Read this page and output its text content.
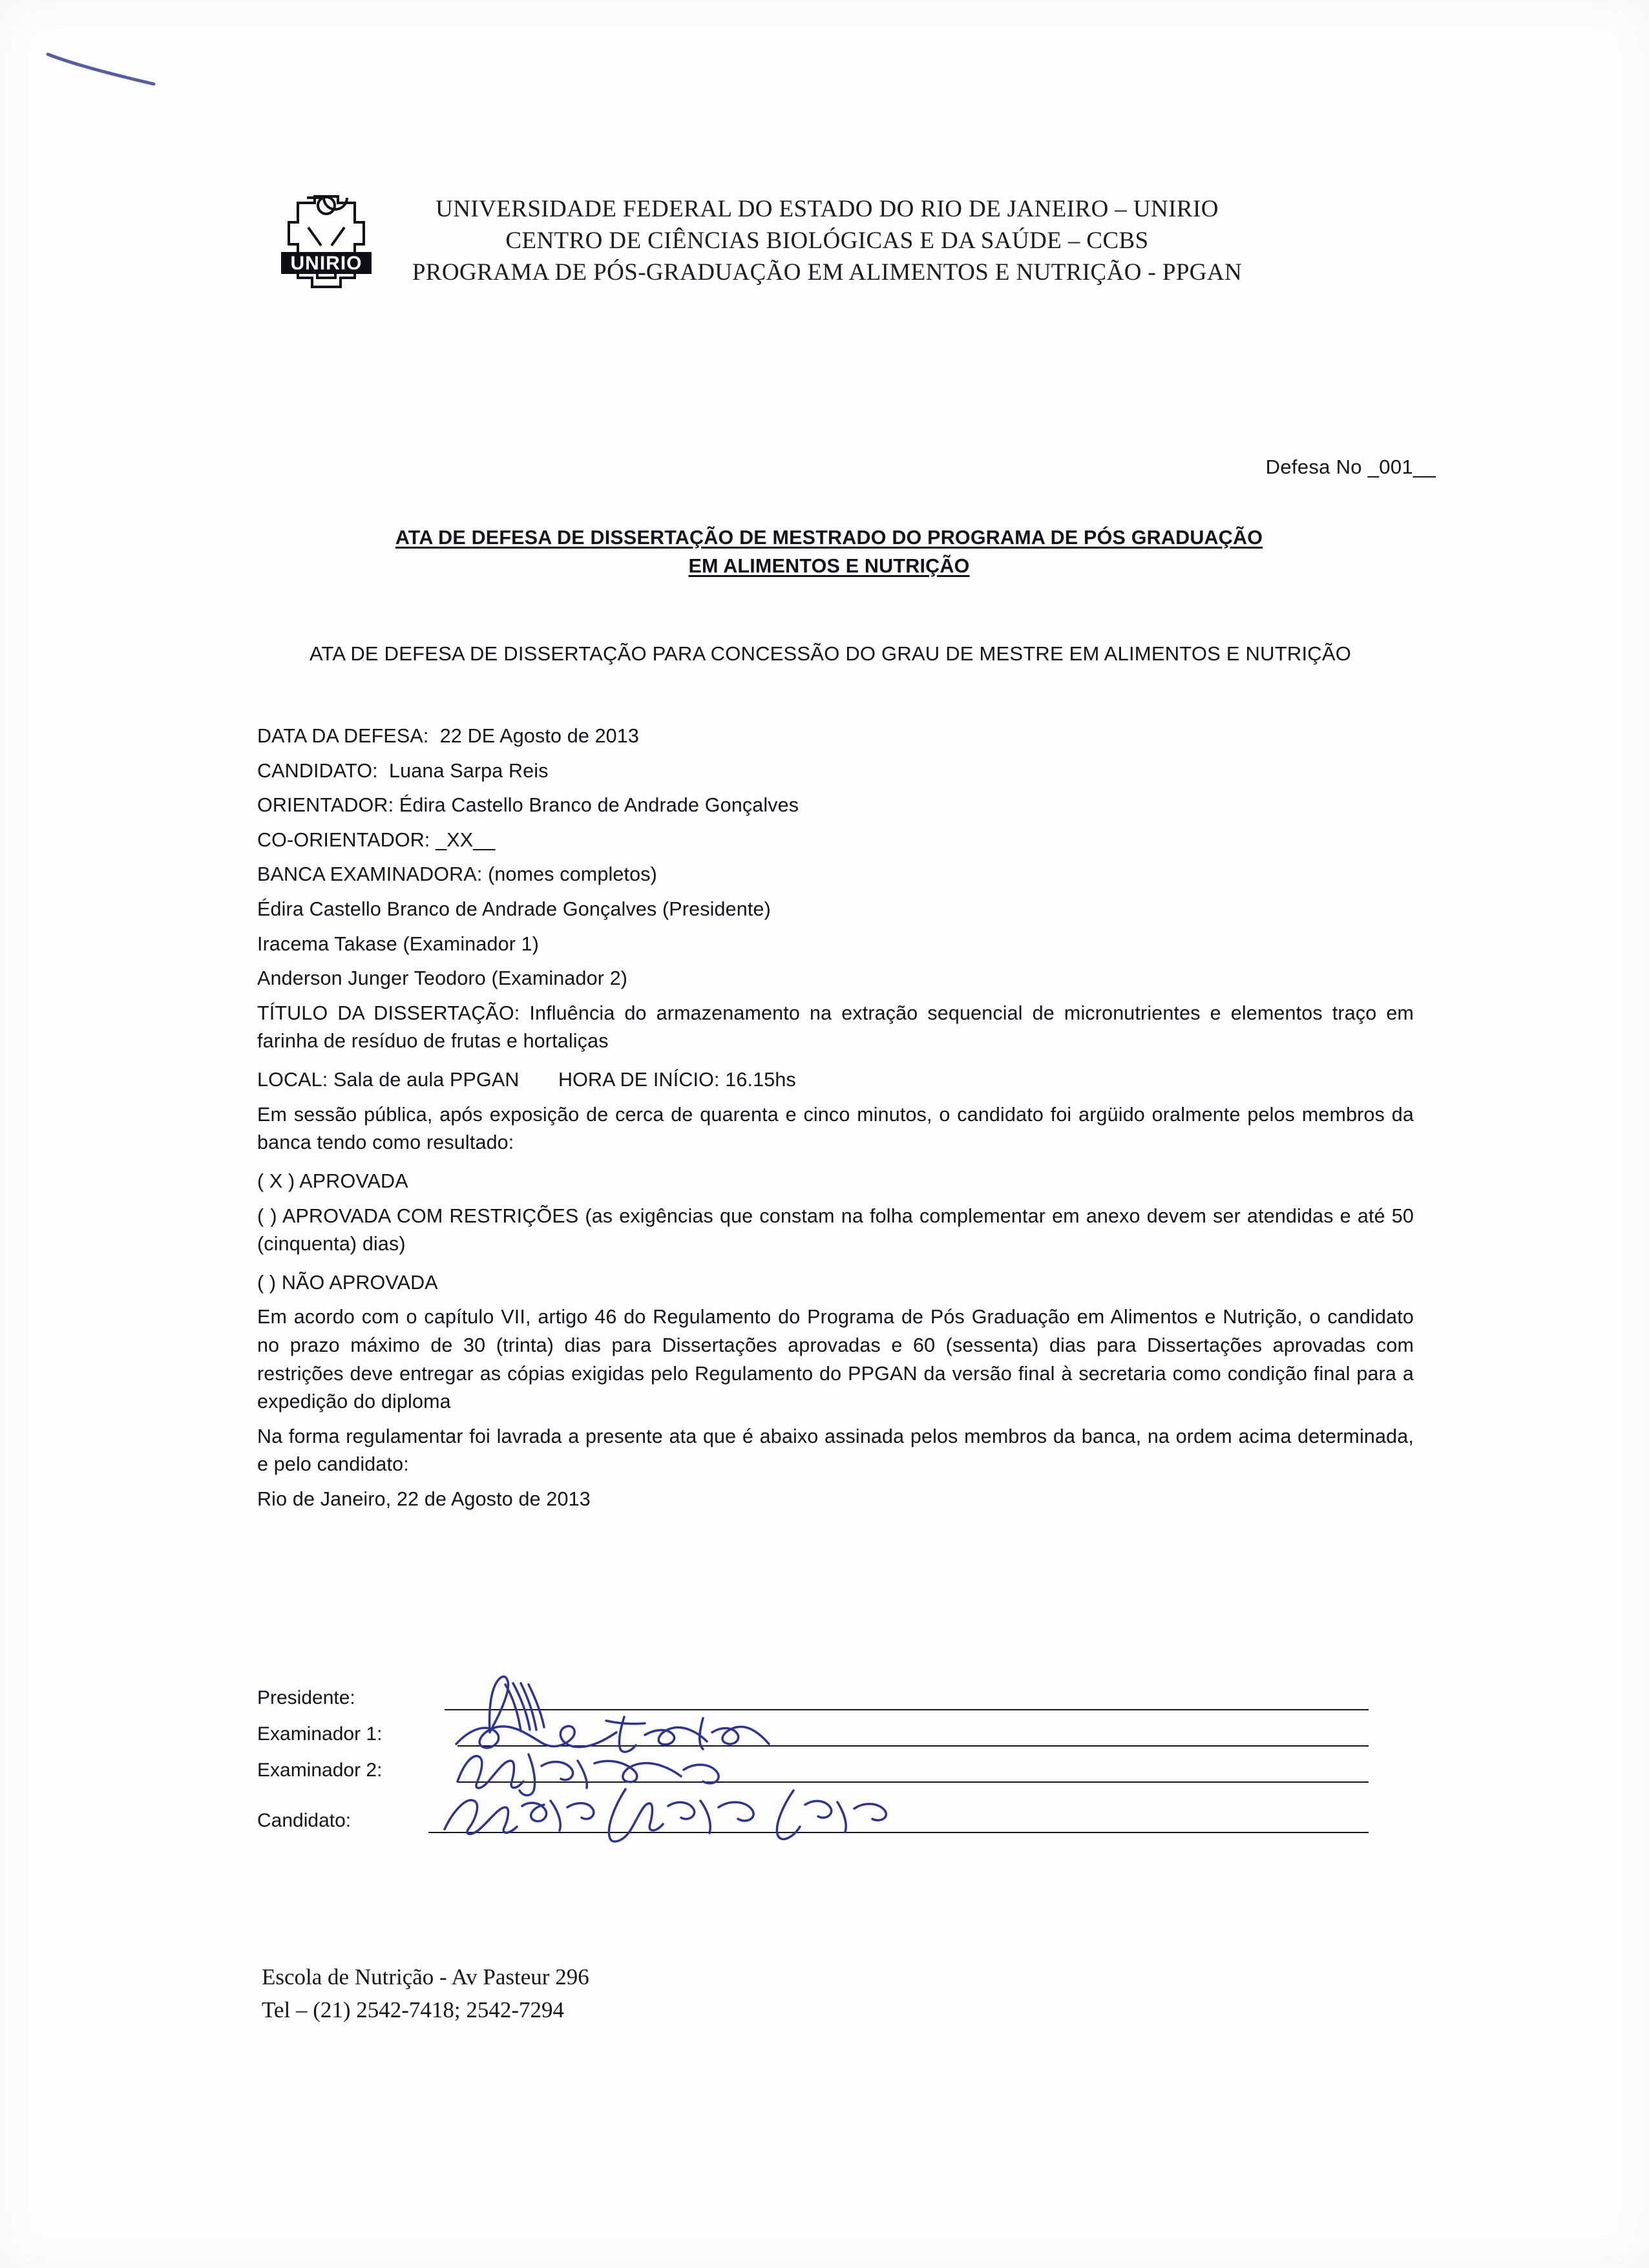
UNIRIO
UNIVERSIDADE FEDERAL DO ESTADO DO RIO DE JANEIRO – UNIRIO
CENTRO DE CIÊNCIAS BIOLÓGICAS E DA SAÚDE – CCBS
PROGRAMA DE PÓS-GRADUAÇÃO EM ALIMENTOS E NUTRIÇÃO - PPGAN
Defesa No _001__
ATA DE DEFESA DE DISSERTAÇÃO DE MESTRADO DO PROGRAMA DE PÓS GRADUAÇÃO
EM ALIMENTOS E NUTRIÇÃO
ATA DE DEFESA DE DISSERTAÇÃO PARA CONCESSÃO DO GRAU DE MESTRE EM ALIMENTOS E NUTRIÇÃO

DATA DA DEFESA: 22 DE Agosto de 2013

CANDIDATO: Luana Sarpa Reis

ORIENTADOR: Édira Castello Branco de Andrade Gonçalves

CO-ORIENTADOR: _XX__

BANCA EXAMINADORA: (nomes completos)

Édira Castello Branco de Andrade Gonçalves (Presidente)

Iracema Takase (Examinador 1)

Anderson Junger Teodoro (Examinador 2)

TÍTULO DA DISSERTAÇÃO: Influência do armazenamento na extração sequencial de micronutrientes e elementos traço em farinha de resíduo de frutas e hortaliças

LOCAL: Sala de aula PPGAN HORA DE INÍCIO: 16.15hs

Em sessão pública, após exposição de cerca de quarenta e cinco minutos, o candidato foi argüido oralmente pelos membros da banca tendo como resultado:

( X ) APROVADA

( ) APROVADA COM RESTRIÇÕES (as exigências que constam na folha complementar em anexo devem ser atendidas e até 50 (cinquenta) dias)

( ) NÃO APROVADA

Em acordo com o capítulo VII, artigo 46 do Regulamento do Programa de Pós Graduação em Alimentos e Nutrição, o candidato no prazo máximo de 30 (trinta) dias para Dissertações aprovadas e 60 (sessenta) dias para Dissertações aprovadas com restrições deve entregar as cópias exigidas pelo Regulamento do PPGAN da versão final à secretaria como condição final para a expedição do diploma

Na forma regulamentar foi lavrada a presente ata que é abaixo assinada pelos membros da banca, na ordem acima determinada, e pelo candidato:

Rio de Janeiro, 22 de Agosto de 2013

Presidente:
Examinador 1:
Examinador 2:
Candidato:
Escola de Nutrição - Av Pasteur 296
Tel – (21) 2542-7418; 2542-7294
